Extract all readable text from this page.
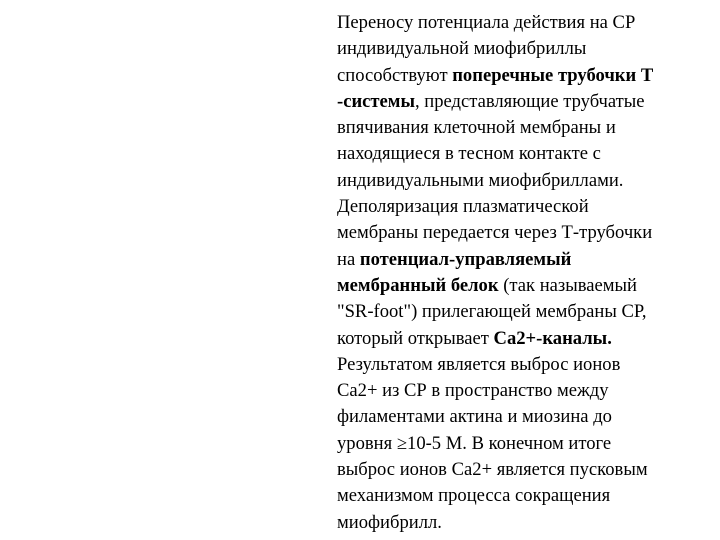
Переносу потенциала действия на СР
индивидуальной миофибриллы
способствуют поперечные трубочки Т
-системы, представляющие трубчатые
впячивания клеточной мембраны и
находящиеся в тесном контакте с
индивидуальными миофибриллами.
Деполяризация плазматической
мембраны передается через Т-трубочки
на потенциал-управляемый
мембранный белок (так называемый
"SR-foot") прилегающей мембраны СР,
который открывает Ca2+-каналы.
Результатом является выброс ионов
Ca2+ из СР в пространство между
филаментами актина и миозина до
уровня ≥10-5 М. В конечном итоге
выброс ионов Ca2+ является пусковым
механизмом процесса сокращения
миофибрилл.
